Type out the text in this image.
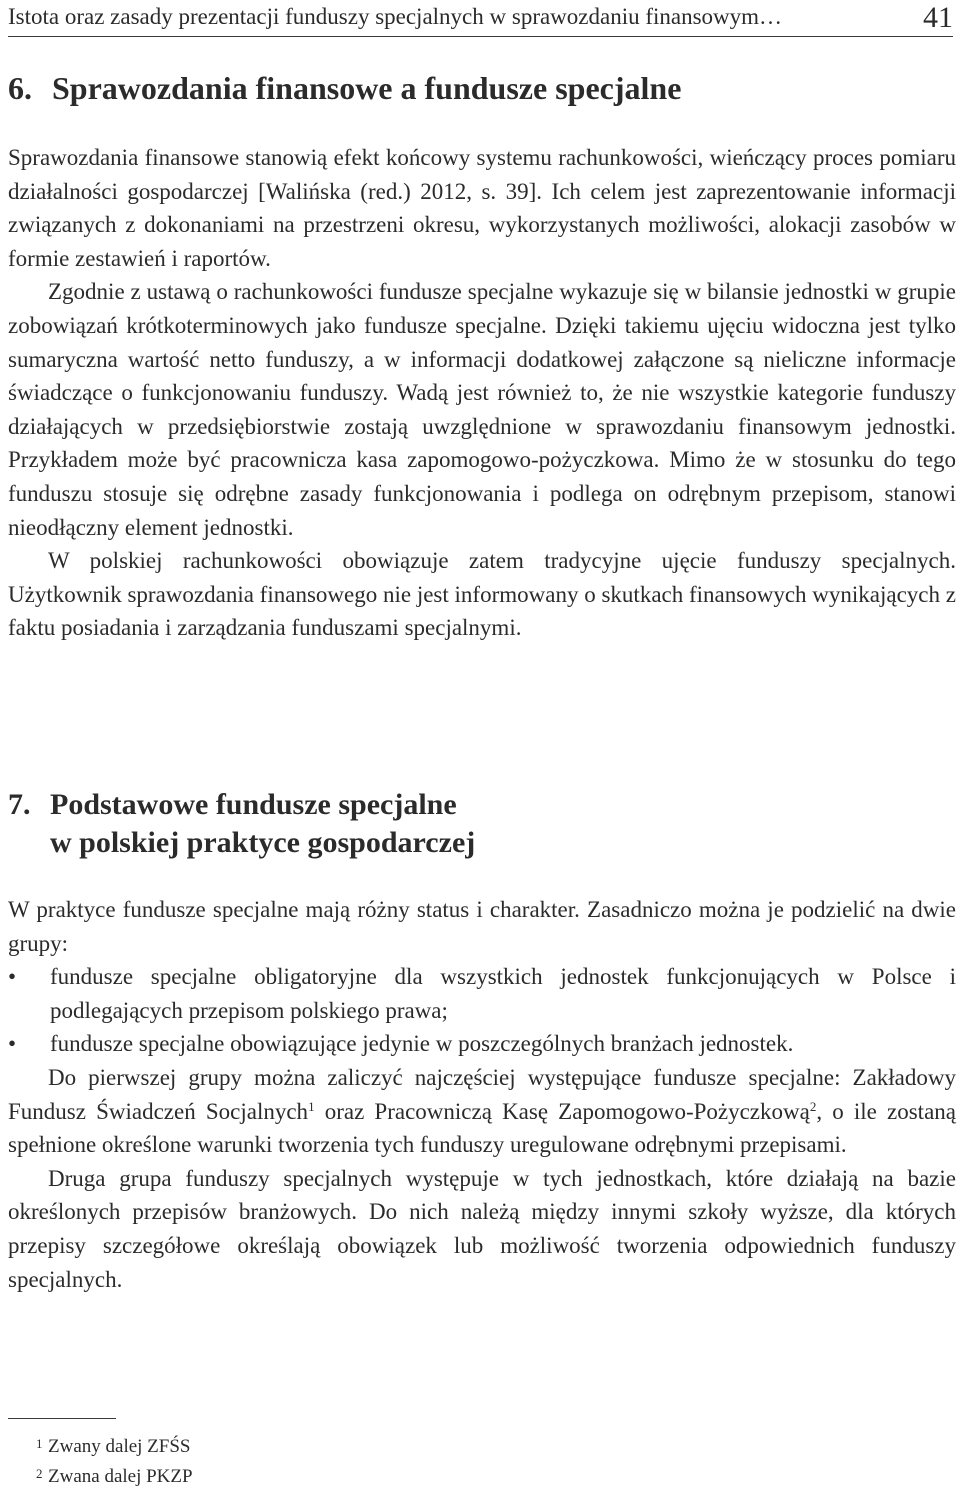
Istota oraz zasady prezentacji funduszy specjalnych w sprawozdaniu finansowym…	41
6. Sprawozdania finansowe a fundusze specjalne

Sprawozdania finansowe stanowią efekt końcowy systemu rachunkowości, wieńczący proces pomiaru działalności gospodarczej [Walińska (red.) 2012, s. 39]. Ich celem jest zaprezentowanie informacji związanych z dokonaniami na przestrzeni okresu, wykorzystanych możliwości, alokacji zasobów w formie zestawień i raportów.

Zgodnie z ustawą o rachunkowości fundusze specjalne wykazuje się w bilansie jednostki w grupie zobowiązań krótkoterminowych jako fundusze specjalne. Dzięki takiemu ujęciu widoczna jest tylko sumaryczna wartość netto funduszy, a w informacji dodatkowej załączone są nieliczne informacje świadczące o funkcjonowaniu funduszy. Wadą jest również to, że nie wszystkie kategorie funduszy działających w przedsiębiorstwie zostają uwzględnione w sprawozdaniu finansowym jednostki. Przykładem może być pracownicza kasa zapomogowo-pożyczkowa. Mimo że w stosunku do tego funduszu stosuje się odrębne zasady funkcjonowania i podlega on odrębnym przepisom, stanowi nieodłączny element jednostki.

W polskiej rachunkowości obowiązuje zatem tradycyjne ujęcie funduszy specjalnych. Użytkownik sprawozdania finansowego nie jest informowany o skutkach finansowych wynikających z faktu posiadania i zarządzania funduszami specjalnymi.

7. Podstawowe fundusze specjalne
w polskiej praktyce gospodarczej

W praktyce fundusze specjalne mają różny status i charakter. Zasadniczo można je podzielić na dwie grupy:

• fundusze specjalne obligatoryjne dla wszystkich jednostek funkcjonujących w Polsce i podlegających przepisom polskiego prawa;
• fundusze specjalne obowiązujące jedynie w poszczególnych branżach jednostek.

Do pierwszej grupy można zaliczyć najczęściej występujące fundusze specjalne: Zakładowy Fundusz Świadczeń Socjalnych$^1$ oraz Pracowniczą Kasę Zapomogowo-Pożyczkową$^2$, o ile zostaną spełnione określone warunki tworzenia tych funduszy uregulowane odrębnymi przepisami.

Druga grupa funduszy specjalnych występuje w tych jednostkach, które działają na bazie określonych przepisów branżowych. Do nich należą między innymi szkoły wyższe, dla których przepisy szczegółowe określają obowiązek lub możliwość tworzenia odpowiednich funduszy specjalnych.

1 Zwany dalej ZFŚS
2 Zwana dalej PKZP
